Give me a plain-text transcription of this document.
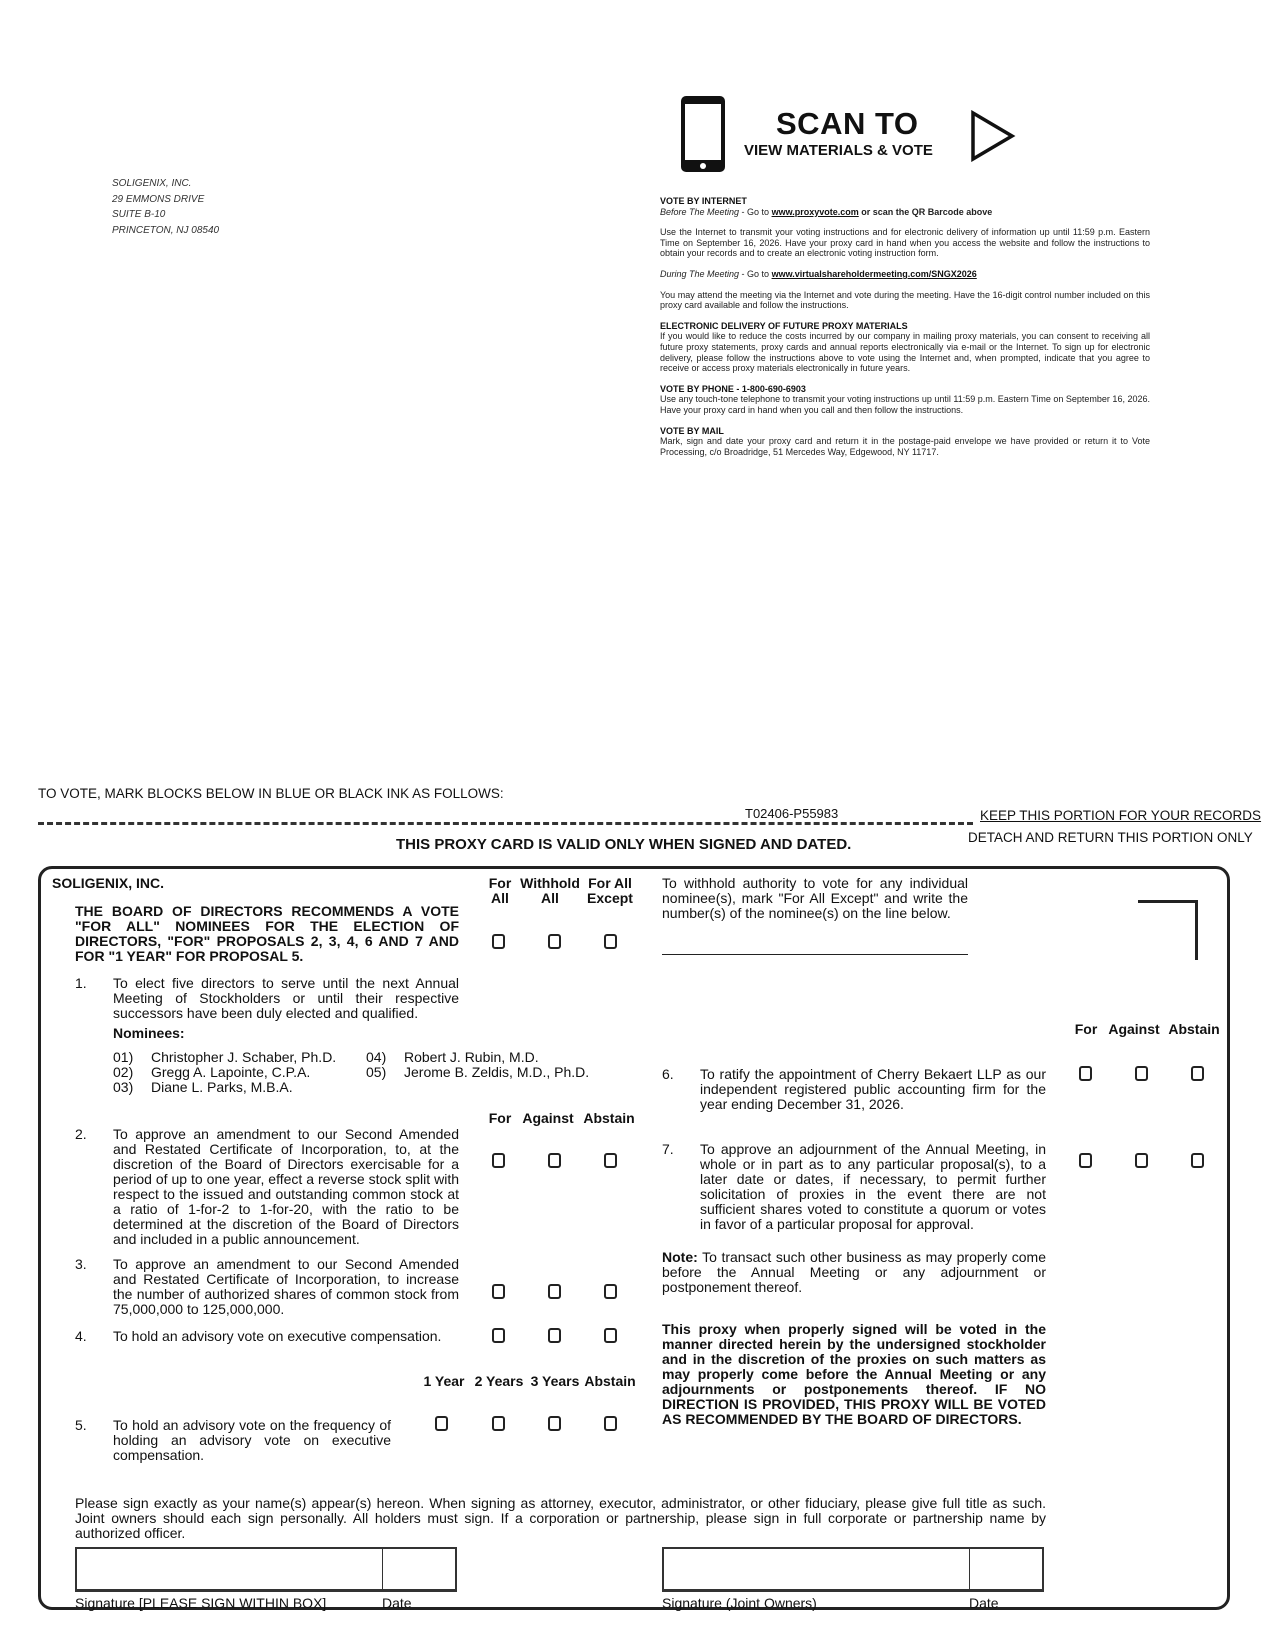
SOLIGENIX, INC.
29 EMMONS DRIVE
SUITE B-10
PRINCETON, NJ 08540
SCAN TO
VIEW MATERIALS & VOTE
VOTE BY INTERNET

Before The Meeting - Go to www.proxyvote.com or scan the QR Barcode above

Use the Internet to transmit your voting instructions and for electronic delivery of information up until 11:59 p.m. Eastern Time on September 16, 2026. Have your proxy card in hand when you access the website and follow the instructions to obtain your records and to create an electronic voting instruction form.

During The Meeting - Go to www.virtualshareholdermeeting.com/SNGX2026

You may attend the meeting via the Internet and vote during the meeting. Have the 16-digit control number included on this proxy card available and follow the instructions.

ELECTRONIC DELIVERY OF FUTURE PROXY MATERIALS

If you would like to reduce the costs incurred by our company in mailing proxy materials, you can consent to receiving all future proxy statements, proxy cards and annual reports electronically via e-mail or the Internet. To sign up for electronic delivery, please follow the instructions above to vote using the Internet and, when prompted, indicate that you agree to receive or access proxy materials electronically in future years.

VOTE BY PHONE - 1-800-690-6903

Use any touch-tone telephone to transmit your voting instructions up until 11:59 p.m. Eastern Time on September 16, 2026. Have your proxy card in hand when you call and then follow the instructions.

VOTE BY MAIL

Mark, sign and date your proxy card and return it in the postage-paid envelope we have provided or return it to Vote Processing, c/o Broadridge, 51 Mercedes Way, Edgewood, NY 11717.

TO VOTE, MARK BLOCKS BELOW IN BLUE OR BLACK INK AS FOLLOWS:
T02406-P55983	KEEP THIS PORTION FOR YOUR RECORDS
DETACH AND RETURN THIS PORTION ONLY
THIS PROXY CARD IS VALID ONLY WHEN SIGNED AND DATED.
SOLIGENIX, INC.
THE BOARD OF DIRECTORS RECOMMENDS A VOTE "FOR ALL" NOMINEES FOR THE ELECTION OF DIRECTORS, "FOR" PROPOSALS 2, 3, 4, 6 AND 7 AND FOR "1 YEAR" FOR PROPOSAL 5.
For
All
Withhold
All
For All
Except
To withhold authority to vote for any individual nominee(s), mark "For All Except" and write the number(s) of the nominee(s) on the line below.
1. To elect five directors to serve until the next Annual Meeting of Stockholders or until their respective successors have been duly elected and qualified.
Nominees:
01) Christopher J. Schaber, Ph.D.
02) Gregg A. Lapointe, C.P.A.
03) Diane L. Parks, M.B.A.
04) Robert J. Rubin, M.D.
05) Jerome B. Zeldis, M.D., Ph.D.
For Against Abstain
2. To approve an amendment to our Second Amended and Restated Certificate of Incorporation, to, at the discretion of the Board of Directors exercisable for a period of up to one year, effect a reverse stock split with respect to the issued and outstanding common stock at a ratio of 1-for-2 to 1-for-20, with the ratio to be determined at the discretion of the Board of Directors and included in a public announcement.
3. To approve an amendment to our Second Amended and Restated Certificate of Incorporation, to increase the number of authorized shares of common stock from 75,000,000 to 125,000,000.
4. To hold an advisory vote on executive compensation.
1 Year 2 Years 3 Years Abstain
5. To hold an advisory vote on the frequency of holding an advisory vote on executive compensation.
For Against Abstain
6. To ratify the appointment of Cherry Bekaert LLP as our independent registered public accounting firm for the year ending December 31, 2026.
7. To approve an adjournment of the Annual Meeting, in whole or in part as to any particular proposal(s), to a later date or dates, if necessary, to permit further solicitation of proxies in the event there are not sufficient shares voted to constitute a quorum or votes in favor of a particular proposal for approval.
Note: To transact such other business as may properly come before the Annual Meeting or any adjournment or postponement thereof.
This proxy when properly signed will be voted in the manner directed herein by the undersigned stockholder and in the discretion of the proxies on such matters as may properly come before the Annual Meeting or any adjournments or postponements thereof. IF NO DIRECTION IS PROVIDED, THIS PROXY WILL BE VOTED AS RECOMMENDED BY THE BOARD OF DIRECTORS.
Please sign exactly as your name(s) appear(s) hereon. When signing as attorney, executor, administrator, or other fiduciary, please give full title as such. Joint owners should each sign personally. All holders must sign. If a corporation or partnership, please sign in full corporate or partnership name by authorized officer.
Signature [PLEASE SIGN WITHIN BOX]	Date	Signature (Joint Owners)	Date
